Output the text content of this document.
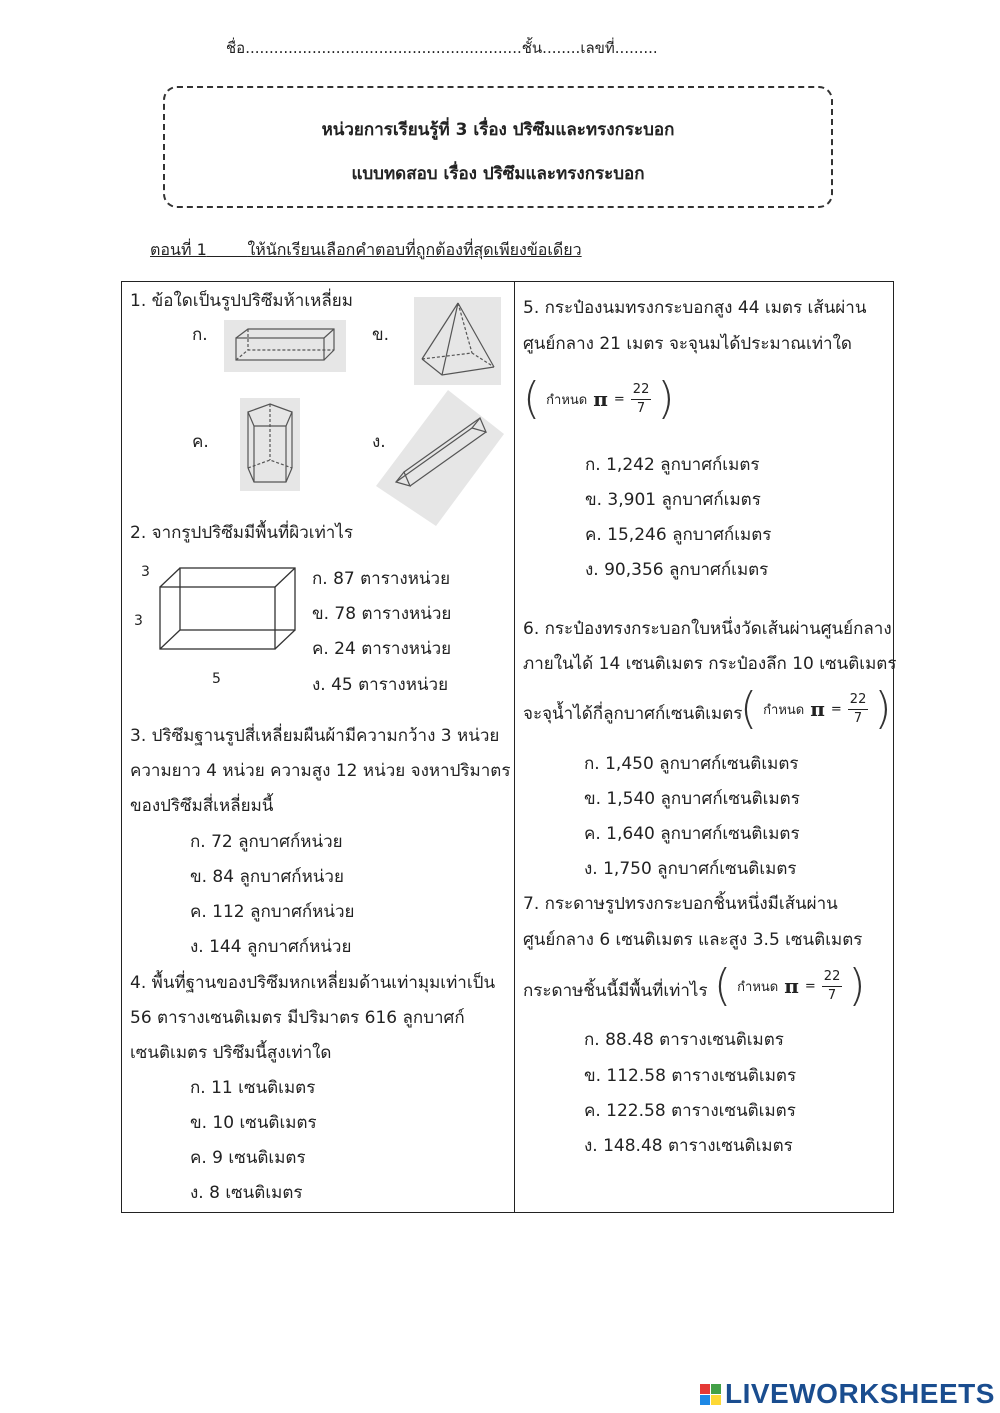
ชื่อ..........................................................ชั้น........เลขที่.........
หน่วยการเรียนรู้ที่ 3 เรื่อง ปริซึมและทรงกระบอก
แบบทดสอบ เรื่อง ปริซึมและทรงกระบอก
ตอนที่ 1	ให้นักเรียนเลือกคำตอบที่ถูกต้องที่สุดเพียงข้อเดียว
1. ข้อใดเป็นรูปปริซึมห้าเหลี่ยม
ก.	ข.
ค.	ง.
2. จากรูปปริซึมมีพื้นที่ผิวเท่าไร
3
3
5
ก. 87 ตารางหน่วย
ข. 78 ตารางหน่วย
ค. 24 ตารางหน่วย
ง. 45 ตารางหน่วย
3. ปริซึมฐานรูปสี่เหลี่ยมผืนผ้ามีความกว้าง 3 หน่วย
ความยาว 4 หน่วย ความสูง 12 หน่วย จงหาปริมาตร
ของปริซึมสี่เหลี่ยมนี้
ก. 72 ลูกบาศก์หน่วย
ข. 84 ลูกบาศก์หน่วย
ค. 112 ลูกบาศก์หน่วย
ง. 144 ลูกบาศก์หน่วย
4. พื้นที่ฐานของปริซึมหกเหลี่ยมด้านเท่ามุมเท่าเป็น
56 ตารางเซนติเมตร มีปริมาตร 616 ลูกบาศก์
เซนติเมตร ปริซึมนี้สูงเท่าใด
ก. 11 เซนติเมตร
ข. 10 เซนติเมตร
ค. 9 เซนติเมตร
ง. 8 เซนติเมตร
5. กระป๋องนมทรงกระบอกสูง 44 เมตร เส้นผ่าน
ศูนย์กลาง 21 เมตร จะจุนมได้ประมาณเท่าใด
( กำหนด $\pi = \frac{22}{7}$ )
ก. 1,242 ลูกบาศก์เมตร
ข. 3,901 ลูกบาศก์เมตร
ค. 15,246 ลูกบาศก์เมตร
ง. 90,356 ลูกบาศก์เมตร
6. กระป๋องทรงกระบอกใบหนึ่งวัดเส้นผ่านศูนย์กลาง
ภายในได้ 14 เซนติเมตร กระป๋องลึก 10 เซนติเมตร
จะจุน้ำได้กี่ลูกบาศก์เซนติเมตร
( กำหนด $\pi = \frac{22}{7}$ )
ก. 1,450 ลูกบาศก์เซนติเมตร
ข. 1,540 ลูกบาศก์เซนติเมตร
ค. 1,640 ลูกบาศก์เซนติเมตร
ง. 1,750 ลูกบาศก์เซนติเมตร
7. กระดาษรูปทรงกระบอกชิ้นหนึ่งมีเส้นผ่าน
ศูนย์กลาง 6 เซนติเมตร และสูง 3.5 เซนติเมตร
กระดาษชิ้นนี้มีพื้นที่เท่าไร ( กำหนด $\pi = \frac{22}{7}$ )
ก. 88.48 ตารางเซนติเมตร
ข. 112.58 ตารางเซนติเมตร
ค. 122.58 ตารางเซนติเมตร
ง. 148.48 ตารางเซนติเมตร
LIVEWORKSHEETS
